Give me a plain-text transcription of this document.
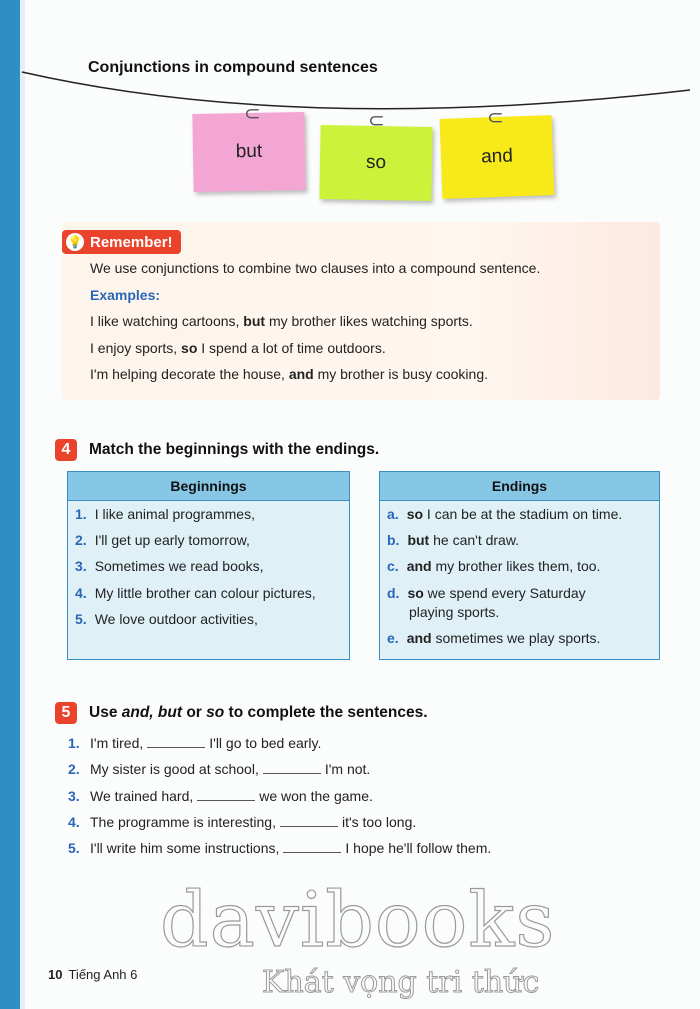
Conjunctions in compound sentences
but
so	and
⊂	⊂	⊂
💡 Remember!
We use conjunctions to combine two clauses into a compound sentence.
Examples:
I like watching cartoons, but my brother likes watching sports.
I enjoy sports, so I spend a lot of time outdoors.
I'm helping decorate the house, and my brother is busy cooking.
4	Match the beginnings with the endings.
Beginnings
1. I like animal programmes,
2. I'll get up early tomorrow,
3. Sometimes we read books,
4. My little brother can colour pictures,
5. We love outdoor activities,
Endings
a. so I can be at the stadium on time.
b. but he can't draw.
c. and my brother likes them, too.
d. so we spend every Saturday
playing sports.
e. and sometimes we play sports.
5	Use and, but or so to complete the sentences.
1. I'm tired,	I'll go to bed early.
2. My sister is good at school,	I'm not.
3. We trained hard,	we won the game.
4. The programme is interesting,	it's too long.
5. I'll write him some instructions,	I hope he'll follow them.
davibooks
Khát vọng tri thức
10 Tiếng Anh 6
